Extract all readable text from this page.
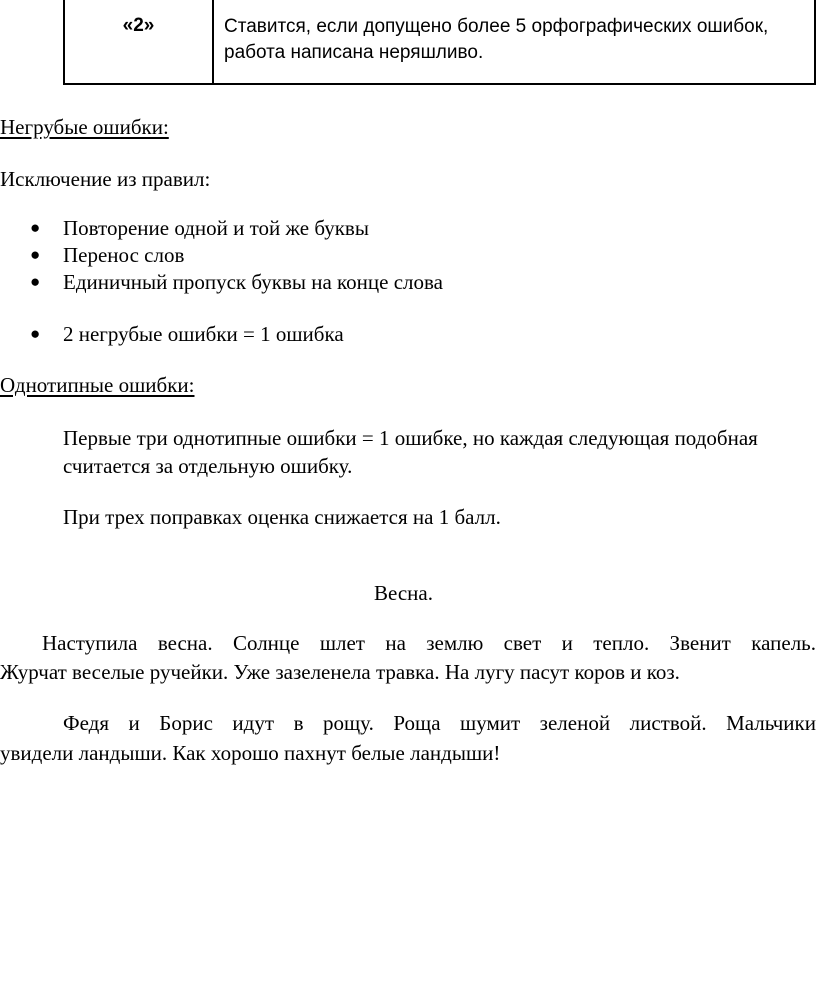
«2»	Ставится, если допущено более 5 орфографических ошибок, работа написана неряшливо.
Негрубые ошибки:
Исключение из правил:
● Повторение одной и той же буквы
● Перенос слов
● Единичный пропуск буквы на конце слова
● 2 негрубые ошибки = 1 ошибка
Однотипные ошибки:
Первые три однотипные ошибки = 1 ошибке, но каждая следующая подобная считается за отдельную ошибку.
При трех поправках оценка снижается на 1 балл.
Весна.
Наступила весна. Солнце шлет на землю свет и тепло. Звенит капель.
Журчат веселые ручейки. Уже зазеленела травка. На лугу пасут коров и коз.
Федя и Борис идут в рощу. Роща шумит зеленой листвой. Мальчики
увидели ландыши. Как хорошо пахнут белые ландыши!
